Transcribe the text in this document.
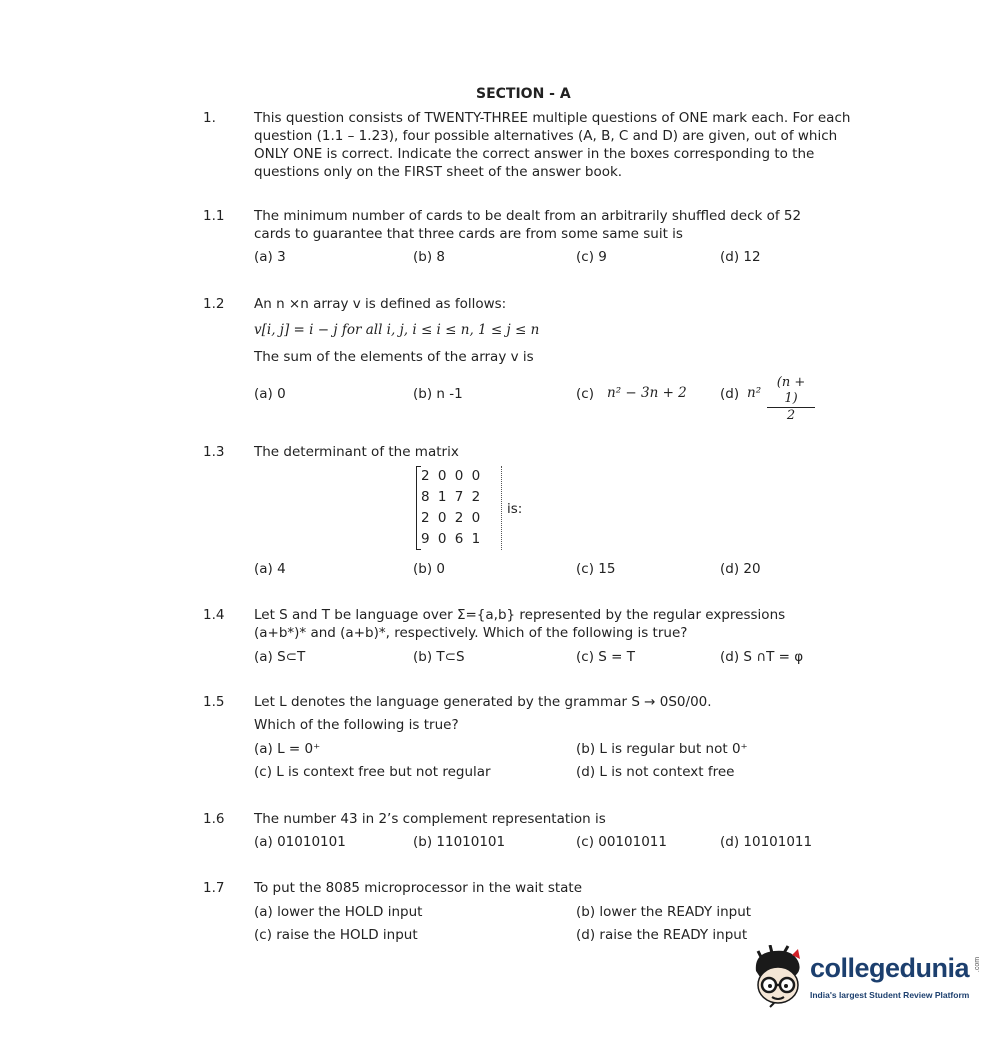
SECTION - A
1.	This question consists of TWENTY-THREE multiple questions of ONE mark each. For each question (1.1 – 1.23), four possible alternatives (A, B, C and D) are given, out of which ONLY ONE is correct. Indicate the correct answer in the boxes corresponding to the questions only on the FIRST sheet of the answer book.
1.1 The minimum number of cards to be dealt from an arbitrarily shuffled deck of 52
cards to guarantee that three cards are from some same suit is
(a) 3	(b) 8	(c) 9	(d) 12
1.2 An n ×n array v is defined as follows:
v[i, j] = i − j for all i, j, i ≤ i ≤ n, 1 ≤ j ≤ n
The sum of the elements of the array v is
(a) 0	(b) n -1	(c) n² − 3n + 2 (d) $n^2 \frac{(n + 1)}{2}$
1.3 The determinant of the matrix
2 0 0 0
8 1 7 2
2 0 2 0
9 0 6 1
is:
(a) 4	(b) 0	(c) 15	(d) 20
1.4 Let S and T be language over Σ={a,b} represented by the regular expressions
(a+b*)* and (a+b)*, respectively. Which of the following is true?
(a) S⊂T	(b) T⊂S	(c) S = T	(d) S ∩T = φ
1.5 Let L denotes the language generated by the grammar S → 0S0/00.
Which of the following is true?
(a) L = 0⁺	(b) L is regular but not 0⁺
(c) L is context free but not regular	(d) L is not context free
1.6 The number 43 in 2’s complement representation is
(a) 01010101	(b) 11010101	(c) 00101011	(d) 10101011
1.7 To put the 8085 microprocessor in the wait state
(a) lower the HOLD input	(b) lower the READY input
(c) raise the HOLD input	(d) raise the READY input
collegedunia .com
India's largest Student Review Platform
